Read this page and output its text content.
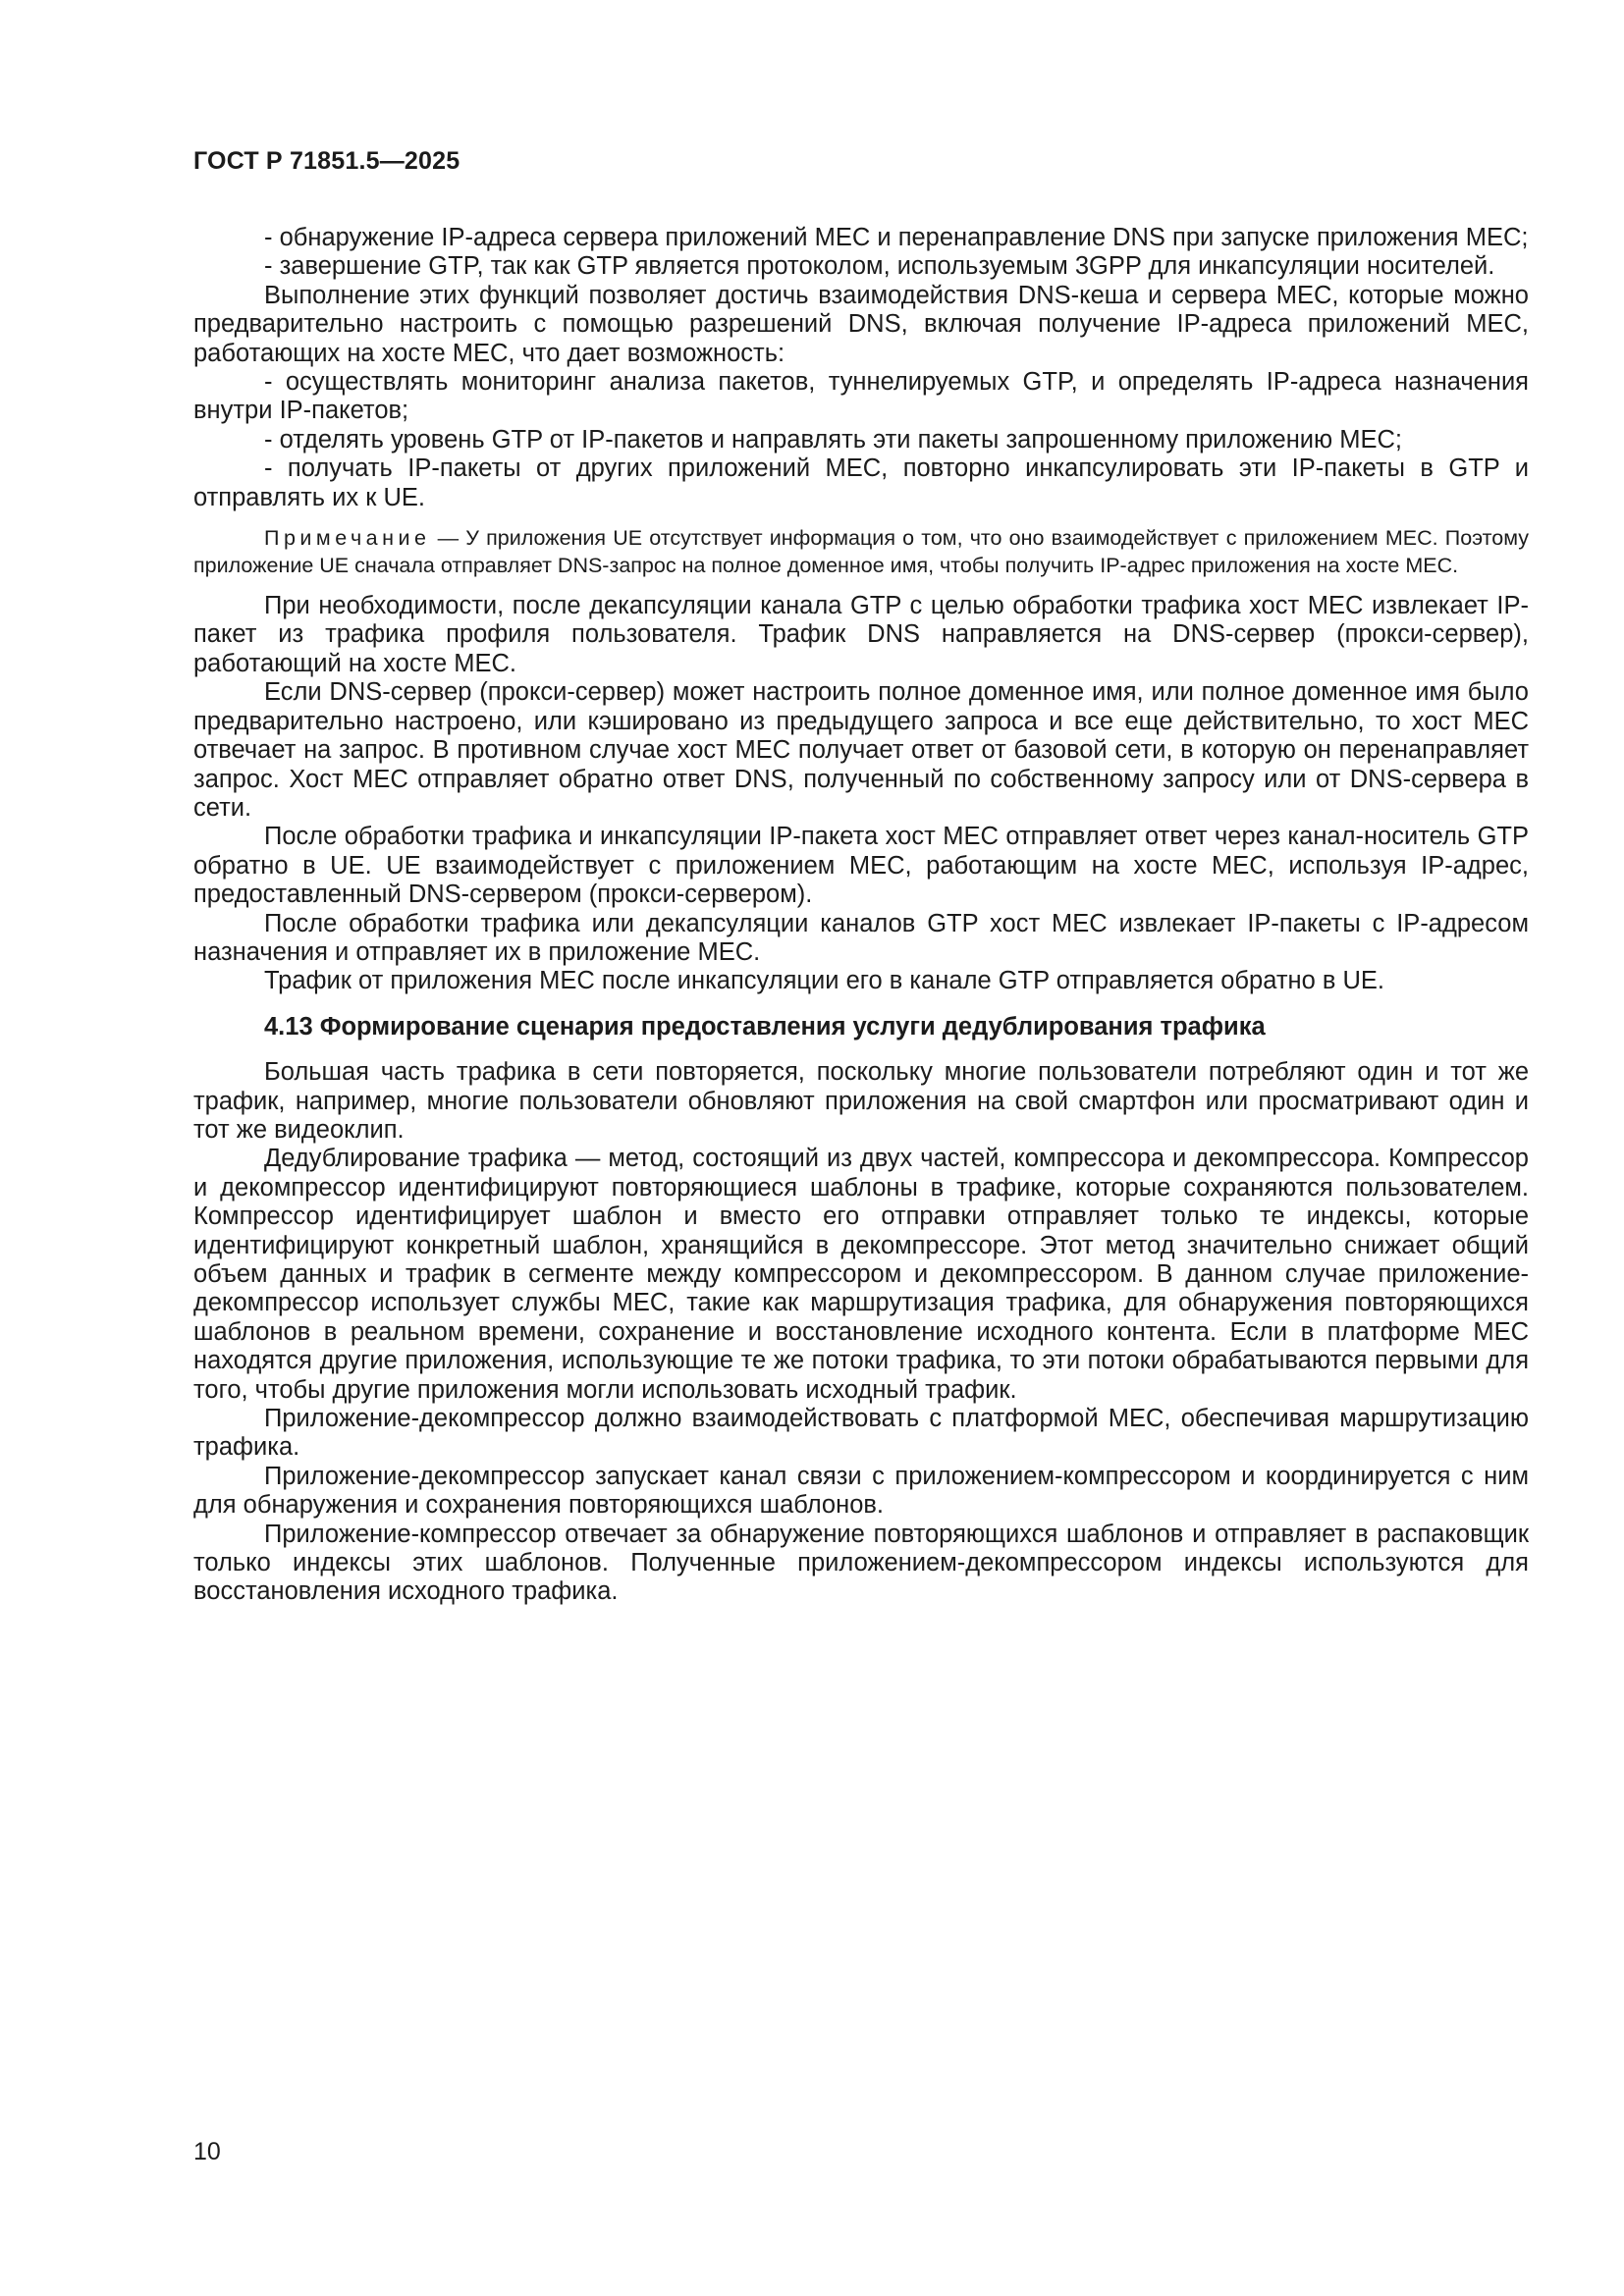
ГОСТ Р 71851.5—2025

- обнаружение IP-адреса сервера приложений MEC и перенаправление DNS при запуске приложения MEC;

- завершение GTP, так как GTP является протоколом, используемым 3GPP для инкапсуляции носителей.

Выполнение этих функций позволяет достичь взаимодействия DNS-кеша и сервера MEC, которые можно предварительно настроить с помощью разрешений DNS, включая получение IP-адреса приложений MEC, работающих на хосте MEC, что дает возможность:

- осуществлять мониторинг анализа пакетов, туннелируемых GTP, и определять IP-адреса назначения внутри IP-пакетов;

- отделять уровень GTP от IP-пакетов и направлять эти пакеты запрошенному приложению MEC;

- получать IP-пакеты от других приложений MEC, повторно инкапсулировать эти IP-пакеты в GTP и отправлять их к UE.

Примечание — У приложения UE отсутствует информация о том, что оно взаимодействует с приложением MEC. Поэтому приложение UE сначала отправляет DNS-запрос на полное доменное имя, чтобы получить IP-адрес приложения на хосте MEC.

При необходимости, после декапсуляции канала GTP с целью обработки трафика хост MEC извлекает IP-пакет из трафика профиля пользователя. Трафик DNS направляется на DNS-сервер (прокси-сервер), работающий на хосте MEC.

Если DNS-сервер (прокси-сервер) может настроить полное доменное имя, или полное доменное имя было предварительно настроено, или кэшировано из предыдущего запроса и все еще действительно, то хост MEC отвечает на запрос. В противном случае хост MEC получает ответ от базовой сети, в которую он перенаправляет запрос. Хост MEC отправляет обратно ответ DNS, полученный по собственному запросу или от DNS-сервера в сети.

После обработки трафика и инкапсуляции IP-пакета хост MEC отправляет ответ через канал-носитель GTP обратно в UE. UE взаимодействует с приложением MEC, работающим на хосте MEC, используя IP-адрес, предоставленный DNS-сервером (прокси-сервером).

После обработки трафика или декапсуляции каналов GTP хост MEC извлекает IP-пакеты с IP-адресом назначения и отправляет их в приложение MEC.

Трафик от приложения MEC после инкапсуляции его в канале GTP отправляется обратно в UE.

4.13 Формирование сценария предоставления услуги дедублирования трафика

Большая часть трафика в сети повторяется, поскольку многие пользователи потребляют один и тот же трафик, например, многие пользователи обновляют приложения на свой смартфон или просматривают один и тот же видеоклип.

Дедублирование трафика — метод, состоящий из двух частей, компрессора и декомпрессора. Компрессор и декомпрессор идентифицируют повторяющиеся шаблоны в трафике, которые сохраняются пользователем. Компрессор идентифицирует шаблон и вместо его отправки отправляет только те индексы, которые идентифицируют конкретный шаблон, хранящийся в декомпрессоре. Этот метод значительно снижает общий объем данных и трафик в сегменте между компрессором и декомпрессором. В данном случае приложение-декомпрессор использует службы MEC, такие как маршрутизация трафика, для обнаружения повторяющихся шаблонов в реальном времени, сохранение и восстановление исходного контента. Если в платформе MEC находятся другие приложения, использующие те же потоки трафика, то эти потоки обрабатываются первыми для того, чтобы другие приложения могли использовать исходный трафик.

Приложение-декомпрессор должно взаимодействовать с платформой MEC, обеспечивая маршрутизацию трафика.

Приложение-декомпрессор запускает канал связи с приложением-компрессором и координируется с ним для обнаружения и сохранения повторяющихся шаблонов.

Приложение-компрессор отвечает за обнаружение повторяющихся шаблонов и отправляет в распаковщик только индексы этих шаблонов. Полученные приложением-декомпрессором индексы используются для восстановления исходного трафика.

10
